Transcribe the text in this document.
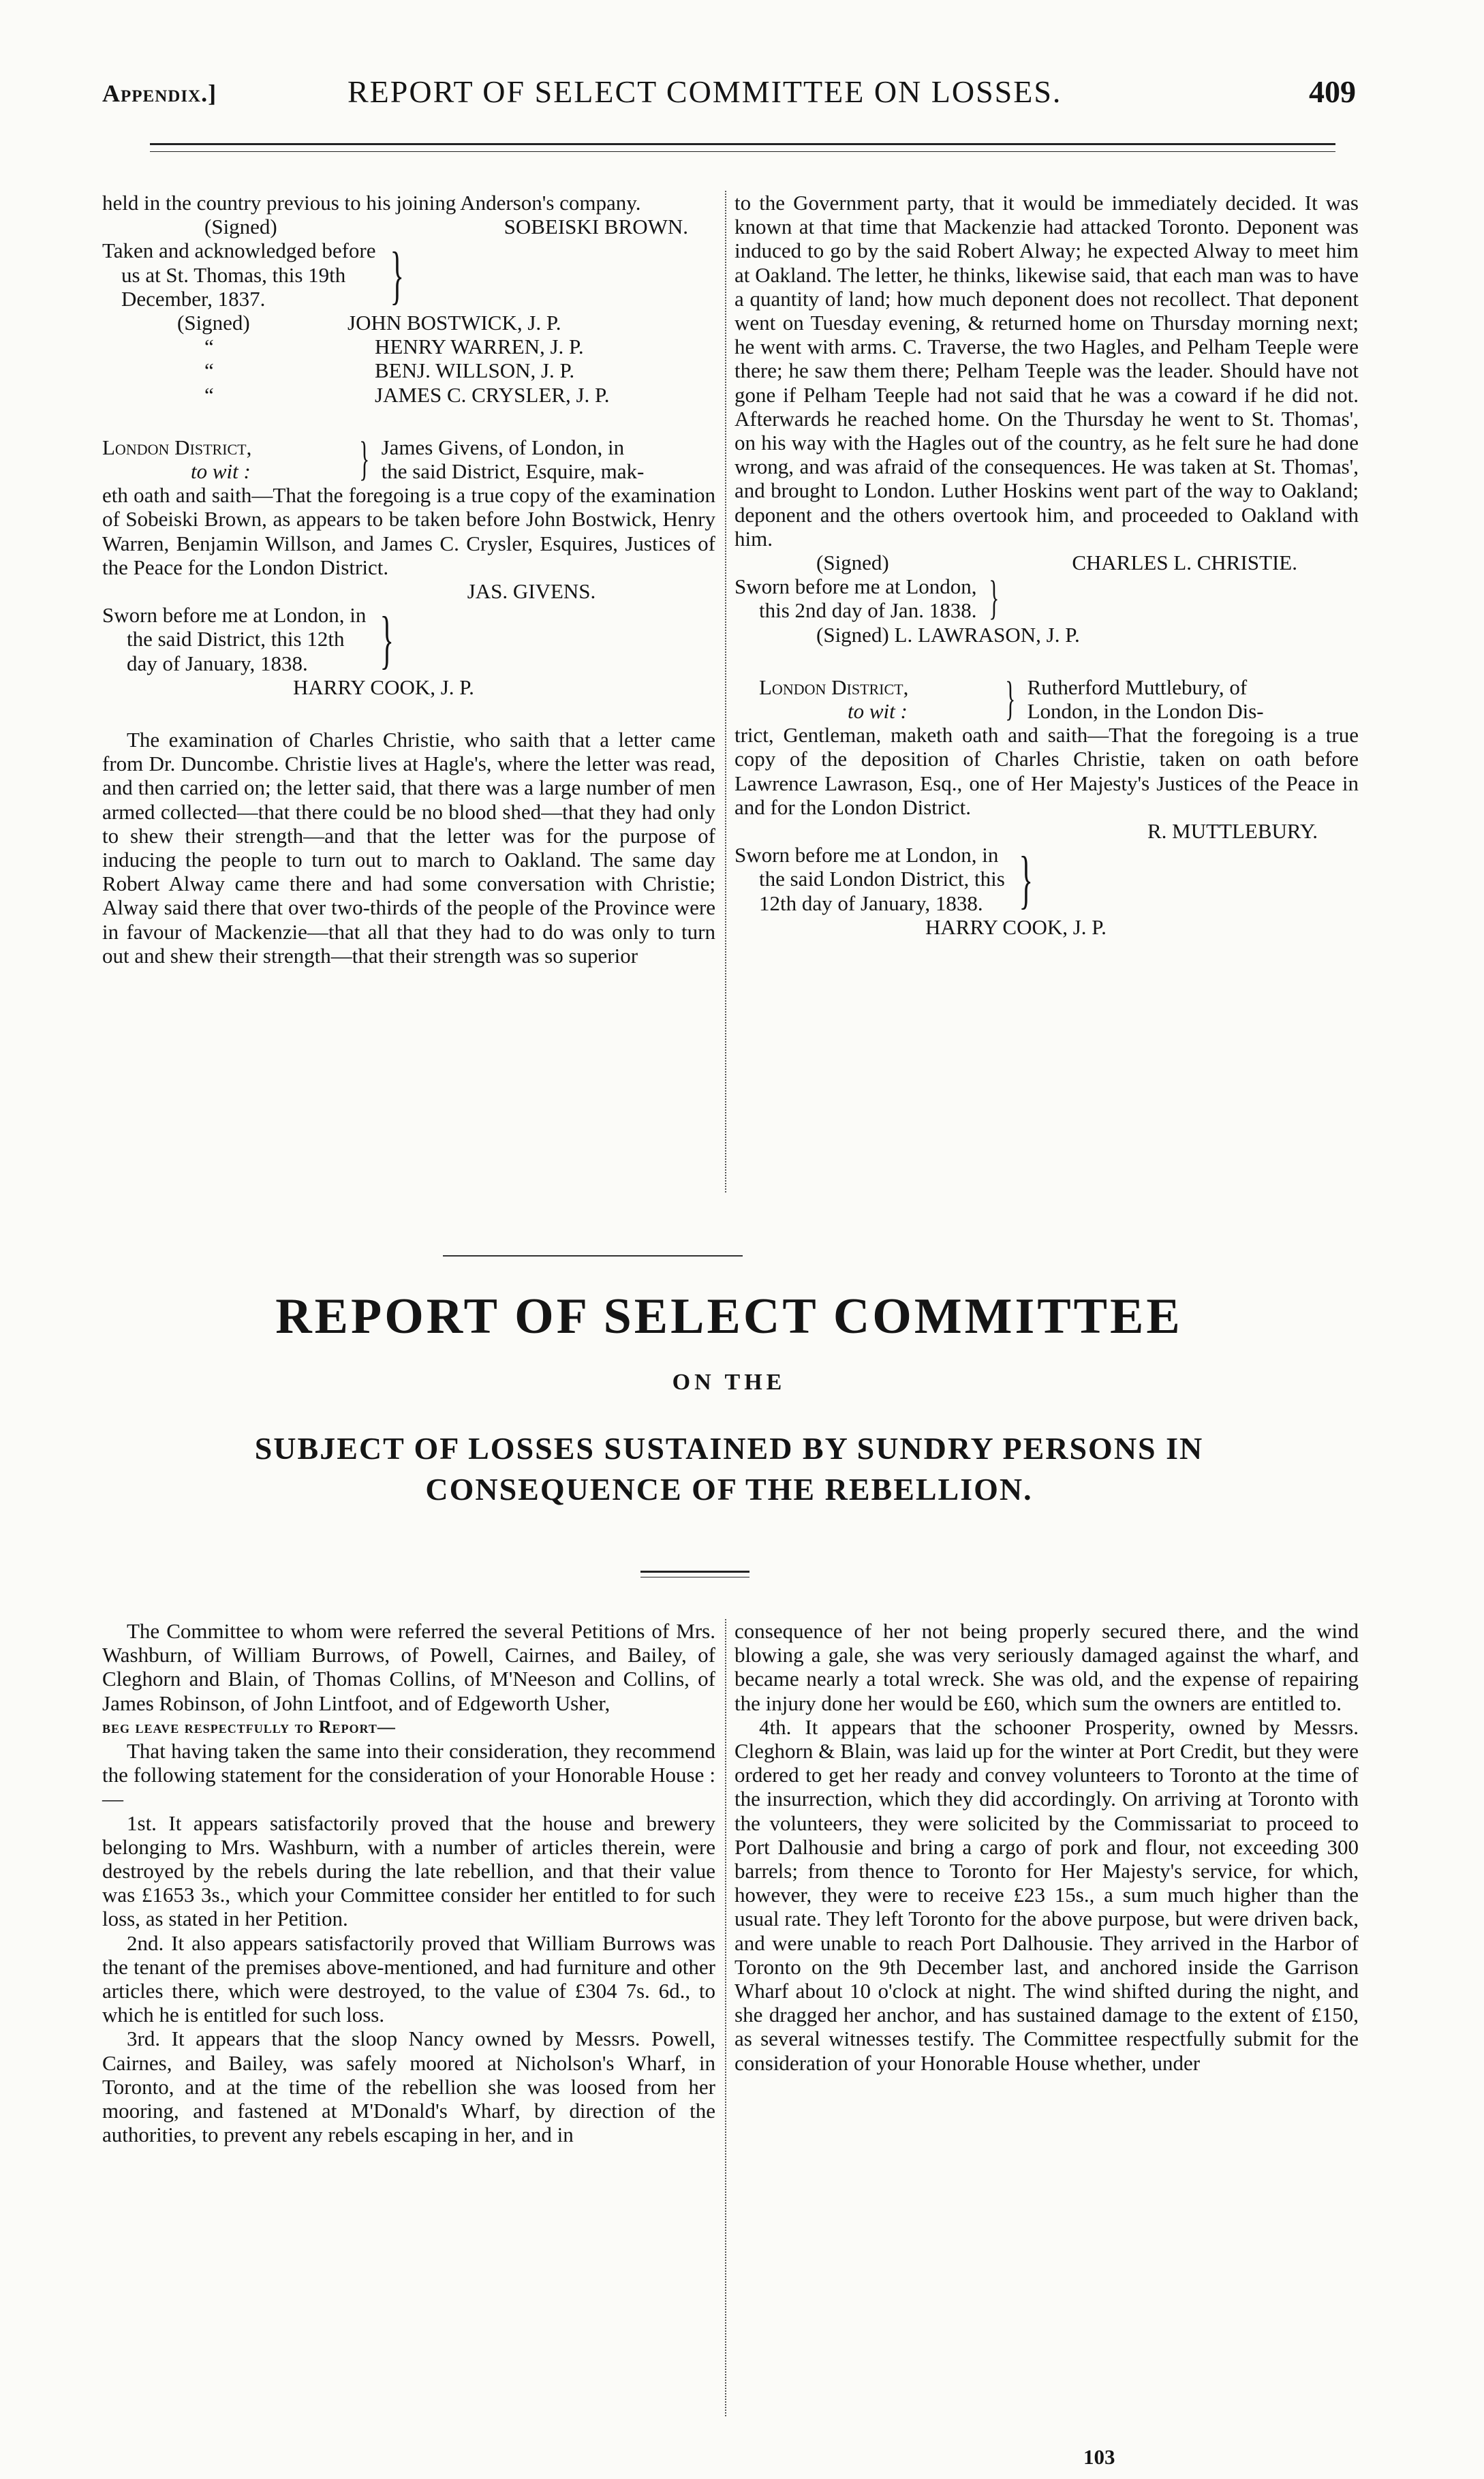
Appendix.]	REPORT OF SELECT COMMITTEE ON LOSSES.	409

held in the country previous to his joining Anderson's company.

(Signed)	SOBEISKI BROWN.
Taken and acknowledged before
us at St. Thomas, this 19th
December, 1837.	}
(Signed)	JOHN BOSTWICK, J. P.
“	HENRY WARREN, J. P.
“	BENJ. WILLSON, J. P.
“	JAMES C. CRYSLER, J. P.
London District,
to wit :	} James Givens, of London, in
the said District, Esquire, mak-

eth oath and saith—That the foregoing is a true copy of the examination of Sobeiski Brown, as appears to be taken before John Bostwick, Henry Warren, Benjamin Willson, and James C. Crysler, Esquires, Justices of the Peace for the London District.

JAS. GIVENS.
Sworn before me at London, in
the said District, this 12th
day of January, 1838.	}
HARRY COOK, J. P.

The examination of Charles Christie, who saith that a letter came from Dr. Duncombe. Christie lives at Hagle's, where the letter was read, and then carried on; the letter said, that there was a large number of men armed collected—that there could be no blood shed—that they had only to shew their strength—and that the letter was for the purpose of inducing the people to turn out to march to Oakland. The same day Robert Alway came there and had some conversation with Christie; Alway said there that over two-thirds of the people of the Province were in favour of Mackenzie—that all that they had to do was only to turn out and shew their strength—that their strength was so superior

to the Government party, that it would be immediately decided. It was known at that time that Mackenzie had attacked Toronto. Deponent was induced to go by the said Robert Alway; he expected Alway to meet him at Oakland. The letter, he thinks, likewise said, that each man was to have a quantity of land; how much deponent does not recollect. That deponent went on Tuesday evening, & returned home on Thursday morning next; he went with arms. C. Traverse, the two Hagles, and Pelham Teeple were there; he saw them there; Pelham Teeple was the leader. Should have not gone if Pelham Teeple had not said that he was a coward if he did not. Afterwards he reached home. On the Thursday he went to St. Thomas', on his way with the Hagles out of the country, as he felt sure he had done wrong, and was afraid of the consequences. He was taken at St. Thomas', and brought to London. Luther Hoskins went part of the way to Oakland; deponent and the others overtook him, and proceeded to Oakland with him.

(Signed)	CHARLES L. CHRISTIE.
Sworn before me at London,
this 2nd day of Jan. 1838. }
(Signed) L. LAWRASON, J. P.
London District,
to wit :	} Rutherford Muttlebury, of
London, in the London Dis-

trict, Gentleman, maketh oath and saith—That the foregoing is a true copy of the deposition of Charles Christie, taken on oath before Lawrence Lawrason, Esq., one of Her Majesty's Justices of the Peace in and for the London District.

R. MUTTLEBURY.
Sworn before me at London, in
the said London District, this
12th day of January, 1838. }
HARRY COOK, J. P.
REPORT OF SELECT COMMITTEE
ON THE
SUBJECT OF LOSSES SUSTAINED BY SUNDRY PERSONS IN CONSEQUENCE OF THE REBELLION.

The Committee to whom were referred the several Petitions of Mrs. Washburn, of William Burrows, of Powell, Cairnes, and Bailey, of Cleghorn and Blain, of Thomas Collins, of M'Neeson and Collins, of James Robinson, of John Lintfoot, and of Edgeworth Usher,

beg leave respectfully to Report—

That having taken the same into their consideration, they recommend the following statement for the consideration of your Honorable House :—

1st. It appears satisfactorily proved that the house and brewery belonging to Mrs. Washburn, with a number of articles therein, were destroyed by the rebels during the late rebellion, and that their value was £1653 3s., which your Committee consider her entitled to for such loss, as stated in her Petition.

2nd. It also appears satisfactorily proved that William Burrows was the tenant of the premises above-mentioned, and had furniture and other articles there, which were destroyed, to the value of £304 7s. 6d., to which he is entitled for such loss.

3rd. It appears that the sloop Nancy owned by Messrs. Powell, Cairnes, and Bailey, was safely moored at Nicholson's Wharf, in Toronto, and at the time of the rebellion she was loosed from her mooring, and fastened at M'Donald's Wharf, by direction of the authorities, to prevent any rebels escaping in her, and in

consequence of her not being properly secured there, and the wind blowing a gale, she was very seriously damaged against the wharf, and became nearly a total wreck. She was old, and the expense of repairing the injury done her would be £60, which sum the owners are entitled to.

4th. It appears that the schooner Prosperity, owned by Messrs. Cleghorn & Blain, was laid up for the winter at Port Credit, but they were ordered to get her ready and convey volunteers to Toronto at the time of the insurrection, which they did accordingly. On arriving at Toronto with the volunteers, they were solicited by the Commissariat to proceed to Port Dalhousie and bring a cargo of pork and flour, not exceeding 300 barrels; from thence to Toronto for Her Majesty's service, for which, however, they were to receive £23 15s., a sum much higher than the usual rate. They left Toronto for the above purpose, but were driven back, and were unable to reach Port Dalhousie. They arrived in the Harbor of Toronto on the 9th December last, and anchored inside the Garrison Wharf about 10 o'clock at night. The wind shifted during the night, and she dragged her anchor, and has sustained damage to the extent of £150, as several witnesses testify. The Committee respectfully submit for the consideration of your Honorable House whether, under

103
